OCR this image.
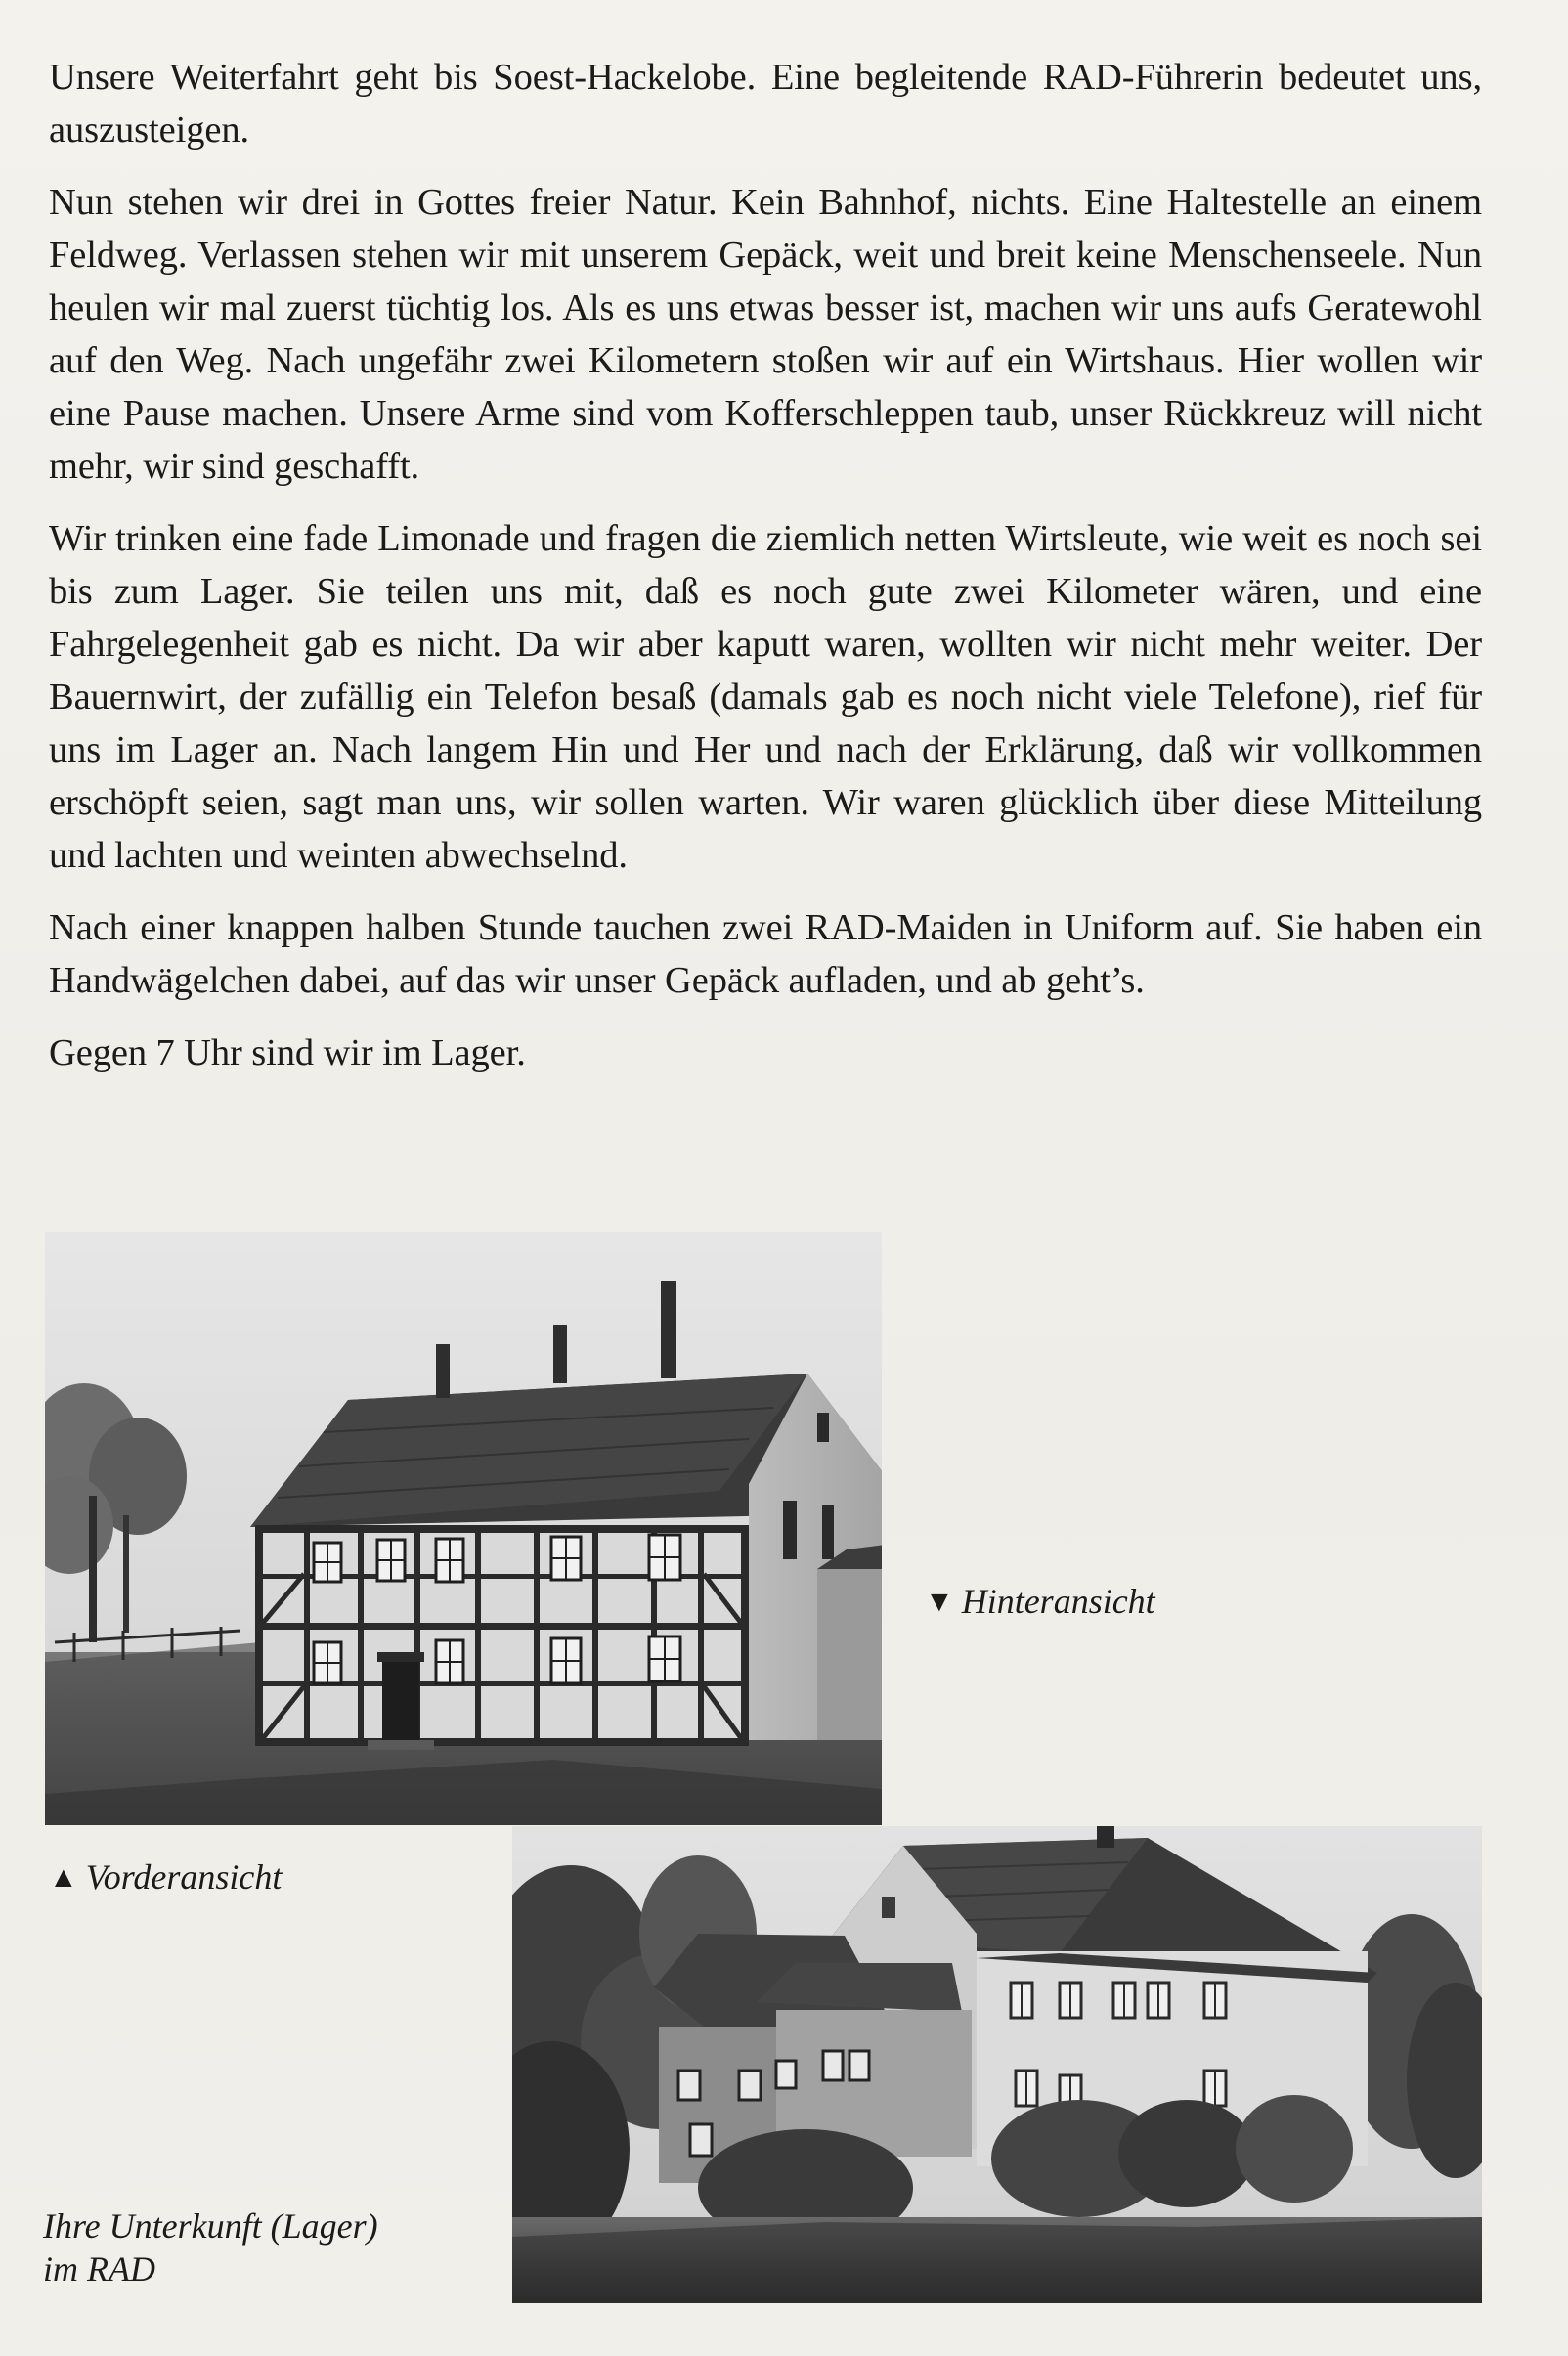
Unsere Weiterfahrt geht bis Soest-Hackelobe. Eine begleitende RAD-Führerin bedeutet uns, auszusteigen.

Nun stehen wir drei in Gottes freier Natur. Kein Bahnhof, nichts. Eine Haltestelle an einem Feldweg. Verlassen stehen wir mit unserem Gepäck, weit und breit keine Menschenseele. Nun heulen wir mal zuerst tüchtig los. Als es uns etwas besser ist, machen wir uns aufs Geratewohl auf den Weg. Nach ungefähr zwei Kilometern stoßen wir auf ein Wirtshaus. Hier wollen wir eine Pause machen. Unsere Arme sind vom Kofferschleppen taub, unser Rückkreuz will nicht mehr, wir sind geschafft.

Wir trinken eine fade Limonade und fragen die ziemlich netten Wirtsleute, wie weit es noch sei bis zum Lager. Sie teilen uns mit, daß es noch gute zwei Kilometer wären, und eine Fahrgelegenheit gab es nicht. Da wir aber kaputt waren, wollten wir nicht mehr weiter. Der Bauernwirt, der zufällig ein Telefon besaß (damals gab es noch nicht viele Telefone), rief für uns im Lager an. Nach langem Hin und Her und nach der Erklärung, daß wir vollkommen erschöpft seien, sagt man uns, wir sollen warten. Wir waren glücklich über diese Mitteilung und lachten und weinten abwechselnd.

Nach einer knappen halben Stunde tauchen zwei RAD-Maiden in Uniform auf. Sie haben ein Handwägelchen dabei, auf das wir unser Gepäck aufladen, und ab geht’s.

Gegen 7 Uhr sind wir im Lager.

▼ Hinteransicht

▲ Vorderansicht

Ihre Unterkunft (Lager)
im RAD
